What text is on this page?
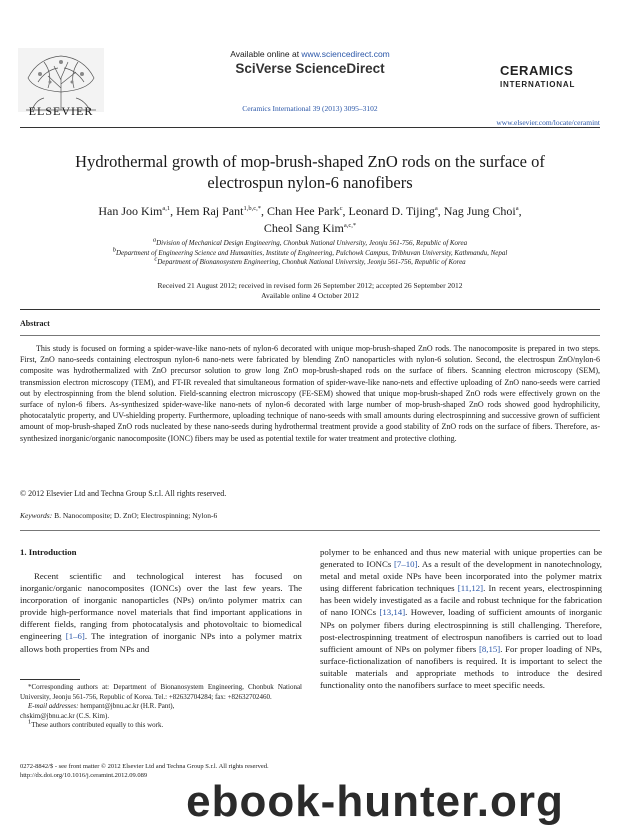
ELSEVIER
Available online at www.sciencedirect.com
SciVerse ScienceDirect
Ceramics International 39 (2013) 3095–3102
CERAMICS
INTERNATIONAL
www.elsevier.com/locate/ceramint
Hydrothermal growth of mop-brush-shaped ZnO rods on the surface of
electrospun nylon-6 nanofibers
Han Joo Kim$^{a,1}$, Hem Raj Pant$^{1,b,c,*}$, Chan Hee Park$^c$, Leonard D. Tijing$^a$, Nag Jung Choi$^a$,
Cheol Sang Kim$^{a,c,*}$
$^a$Division of Mechanical Design Engineering, Chonbuk National University, Jeonju 561-756, Republic of Korea
$^b$Department of Engineering Science and Humanities, Institute of Engineering, Pulchowk Campus, Tribhuvan University, Kathmandu, Nepal
$^c$Department of Bionanosystem Engineering, Chonbuk National University, Jeonju 561-756, Republic of Korea
Received 21 August 2012; received in revised form 26 September 2012; accepted 26 September 2012
Available online 4 October 2012
Abstract
This study is focused on forming a spider-wave-like nano-nets of nylon-6 decorated with unique mop-brush-shaped ZnO rods. The nanocomposite is prepared in two steps. First, ZnO nano-seeds containing electrospun nylon-6 nano-nets were fabricated by blending ZnO nanoparticles with nylon-6 solution. Second, the electrospun ZnO/nylon-6 composite was hydrothermalized with ZnO precursor solution to grow long ZnO mop-brush-shaped rods on the surface of fibers. Scanning electron microscopy (SEM), transmission electron microscopy (TEM), and FT-IR revealed that simultaneous formation of spider-wave-like nano-nets and effective uploading of ZnO nano-seeds were carried out by electrospinning from the blend solution. Field-scanning electron microscopy (FE-SEM) showed that unique mop-brush-shaped ZnO rods were effectively grown on the surface of nylon-6 fibers. As-synthesized spider-wave-like nano-nets of nylon-6 decorated with large number of mop-brush-shaped ZnO rods showed good hydrophilicity, photocatalytic property, and UV-shielding property. Furthermore, uploading technique of nano-seeds with small amounts during electrospinning and successive grown of sufficient amount of mop-brush-shaped ZnO rods nucleated by these nano-seeds during hydrothermal treatment provide a good stability of ZnO rods on the surface of fibers. Therefore, as-synthesized inorganic/organic nanocomposite (IONC) fibers may be used as potential textile for water treatment and protective clothing.
© 2012 Elsevier Ltd and Techna Group S.r.l. All rights reserved.
Keywords: B. Nanocomposite; D. ZnO; Electrospinning; Nylon-6
1. Introduction

Recent scientific and technological interest has focused on inorganic/organic nanocomposites (IONCs) over the last few years. The incorporation of inorganic nanoparticles (NPs) on/into polymer matrix can provide high-performance novel materials that find important applications in different fields, ranging from photocatalysis and photovoltaic to biomedical engineering [1–6]. The integration of inorganic NPs into a polymer matrix allows both properties from NPs and

polymer to be enhanced and thus new material with unique properties can be generated to IONCs [7–10]. As a result of the development in nanotechnology, metal and metal oxide NPs have been incorporated into the polymer matrix using different fabrication techniques [11,12]. In recent years, electrospinning has been widely investigated as a facile and robust technique for the fabrication of nano IONCs [13,14]. However, loading of sufficient amounts of inorganic NPs on polymer fibers during electrospinning is still challenging. Therefore, post-electrospinning treatment of electrospun nanofibers is carried out to load sufficient amount of NPs on polymer fibers [8,15]. For proper loading of NPs, surface-fictionalization of nanofibers is required. It is important to select the suitable materials and appropriate methods to introduce the desired functionality onto the nanofibers surface to meet specific needs.

*Corresponding authors at: Department of Bionanosystem Engineering, Chonbuk National University, Jeonju 561-756, Republic of Korea. Tel.: +82632704284; fax: +82632702460.
E-mail addresses: hempant@jbnu.ac.kr (H.R. Pant),
chskim@jbnu.ac.kr (C.S. Kim).
$^1$These authors contributed equally to this work.
0272-8842/$ - see front matter © 2012 Elsevier Ltd and Techna Group S.r.l. All rights reserved.
http://dx.doi.org/10.1016/j.ceramint.2012.09.089
ebook-hunter.org
